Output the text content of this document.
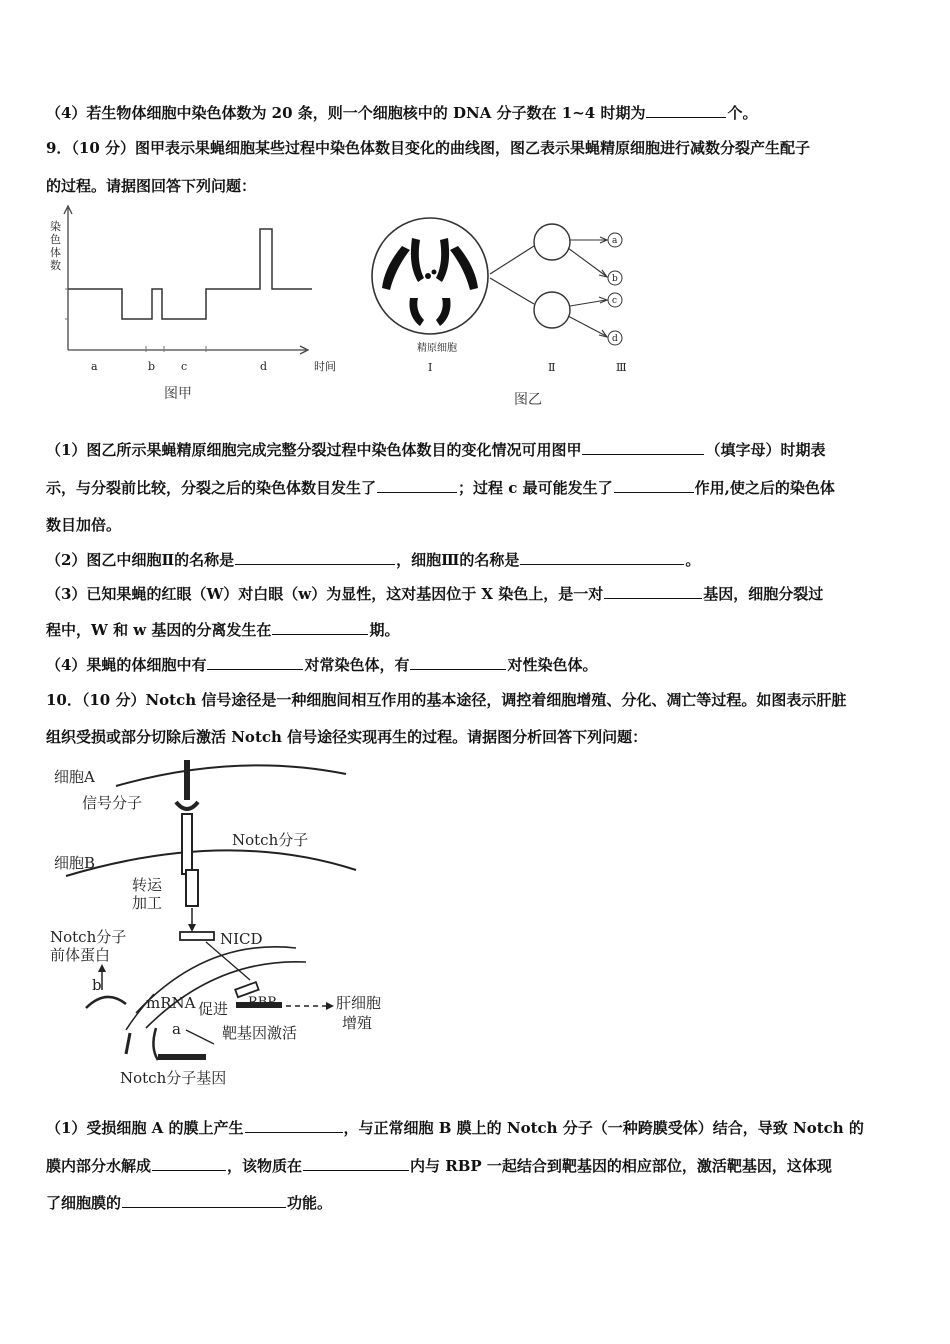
（4）若生物体细胞中染色体数为 20 条，则一个细胞核中的 DNA 分子数在 1~4 时期为	个。
9．（10 分）图甲表示果蝇细胞某些过程中染色体数目变化的曲线图，图乙表示果蝇精原细胞进行减数分裂产生配子
的过程。请据图回答下列问题：
染
色
体
数
a	b c	d	时间
图甲
精原细胞
Ⅰ
a
b
c
d
Ⅱ	Ⅲ
图乙
（1）图乙所示果蝇精原细胞完成完整分裂过程中染色体数目的变化情况可用图甲	（填字母）时期表
示，与分裂前比较，分裂之后的染色体数目发生了	；过程 c 最可能发生了	作用,使之后的染色体
数目加倍。
（2）图乙中细胞Ⅱ的名称是	，细胞Ⅲ的名称是	。
（3）已知果蝇的红眼（W）对白眼（w）为显性，这对基因位于 X 染色上，是一对	基因，细胞分裂过
程中，W 和 w 基因的分离发生在	期。
（4）果蝇的体细胞中有	对常染色体，有	对性染色体。
10．（10 分）Notch 信号途径是一种细胞间相互作用的基本途径，调控着细胞增殖、分化、凋亡等过程。如图表示肝脏
组织受损或部分切除后激活 Notch 信号途径实现再生的过程。请据图分析回答下列问题：
细胞A
信号分子
Notch分子
细胞B
转运
加工
NICD
Notch分子
前体蛋白
b
mRNA 促进	肝细胞
增殖
a	靶基因激活
Notch分子基因
（1）受损细胞 A 的膜上产生	，与正常细胞 B 膜上的 Notch 分子（一种跨膜受体）结合，导致 Notch 的
膜内部分水解成	，该物质在	内与 RBP 一起结合到靶基因的相应部位，激活靶基因，这体现
了细胞膜的	功能。
